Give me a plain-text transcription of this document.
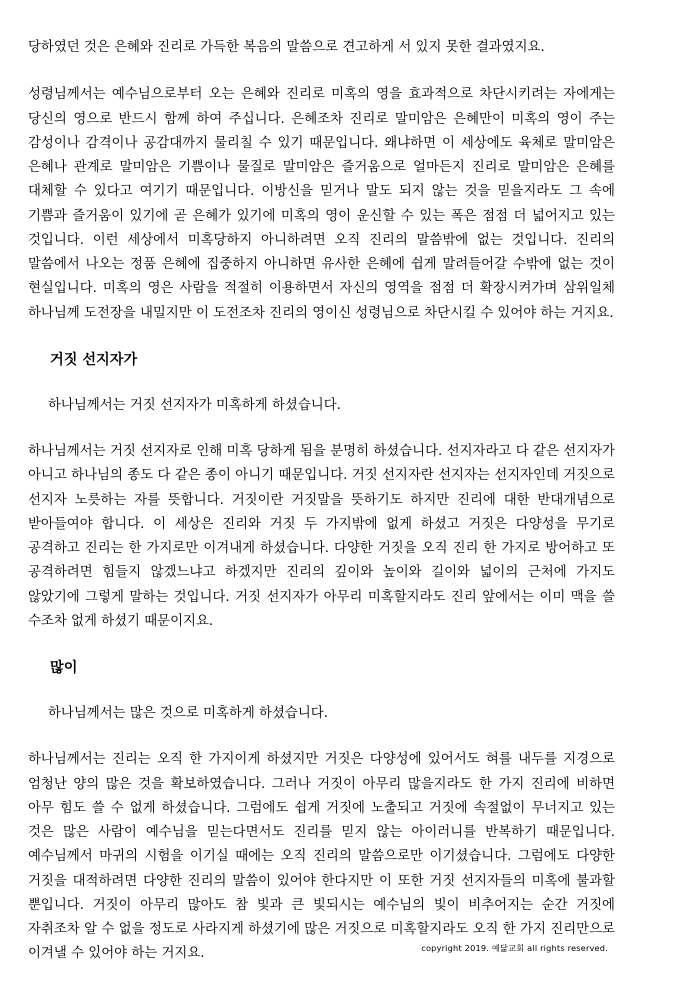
당하였던 것은 은혜와 진리로 가득한 복음의 말씀으로 견고하게 서 있지 못한 결과였지요.

성령님께서는 예수님으로부터 오는 은혜와 진리로 미혹의 영을 효과적으로 차단시키려는 자에게는 당신의 영으로 반드시 함께 하여 주십니다. 은혜조차 진리로 말미암은 은혜만이 미혹의 영이 주는 감성이나 감격이나 공감대까지 물리칠 수 있기 때문입니다. 왜냐하면 이 세상에도 육체로 말미암은 은혜나 관계로 말미암은 기쁨이나 물질로 말미암은 즐거움으로 얼마든지 진리로 말미암은 은혜를 대체할 수 있다고 여기기 때문입니다. 이방신을 믿거나 말도 되지 않는 것을 믿을지라도 그 속에 기쁨과 즐거움이 있기에 곧 은혜가 있기에 미혹의 영이 운신할 수 있는 폭은 점점 더 넓어지고 있는 것입니다. 이런 세상에서 미혹당하지 아니하려면 오직 진리의 말씀밖에 없는 것입니다. 진리의 말씀에서 나오는 정품 은혜에 집중하지 아니하면 유사한 은혜에 쉽게 말려들어갈 수밖에 없는 것이 현실입니다. 미혹의 영은 사람을 적절히 이용하면서 자신의 영역을 점점 더 확장시켜가며 삼위일체 하나님께 도전장을 내밀지만 이 도전조차 진리의 영이신 성령님으로 차단시킬 수 있어야 하는 거지요.

거짓 선지자가

하나님께서는 거짓 선지자가 미혹하게 하셨습니다.

하나님께서는 거짓 선지자로 인해 미혹 당하게 됨을 분명히 하셨습니다. 선지자라고 다 같은 선지자가 아니고 하나님의 종도 다 같은 종이 아니기 때문입니다. 거짓 선지자란 선지자는 선지자인데 거짓으로 선지자 노릇하는 자를 뜻합니다. 거짓이란 거짓말을 뜻하기도 하지만 진리에 대한 반대개념으로 받아들여야 합니다. 이 세상은 진리와 거짓 두 가지밖에 없게 하셨고 거짓은 다양성을 무기로 공격하고 진리는 한 가지로만 이겨내게 하셨습니다. 다양한 거짓을 오직 진리 한 가지로 방어하고 또 공격하려면 힘들지 않겠느냐고 하겠지만 진리의 깊이와 높이와 길이와 넓이의 근처에 가지도 않았기에 그렇게 말하는 것입니다. 거짓 선지자가 아무리 미혹할지라도 진리 앞에서는 이미 맥을 쓸 수조차 없게 하셨기 때문이지요.

많이

하나님께서는 많은 것으로 미혹하게 하셨습니다.

하나님께서는 진리는 오직 한 가지이게 하셨지만 거짓은 다양성에 있어서도 혀를 내두를 지경으로 엄청난 양의 많은 것을 확보하였습니다. 그러나 거짓이 아무리 많을지라도 한 가지 진리에 비하면 아무 힘도 쓸 수 없게 하셨습니다. 그럼에도 쉽게 거짓에 노출되고 거짓에 속절없이 무너지고 있는 것은 많은 사람이 예수님을 믿는다면서도 진리를 믿지 않는 아이러니를 반복하기 때문입니다. 예수님께서 마귀의 시험을 이기실 때에는 오직 진리의 말씀으로만 이기셨습니다. 그럼에도 다양한 거짓을 대적하려면 다양한 진리의 말씀이 있어야 한다지만 이 또한 거짓 선지자들의 미혹에 불과할 뿐입니다. 거짓이 아무리 많아도 참 빛과 큰 빛되시는 예수님의 빛이 비추어지는 순간 거짓에 자취조차 알 수 없을 정도로 사라지게 하셨기에 많은 거짓으로 미혹할지라도 오직 한 가지 진리만으로 이겨낼 수 있어야 하는 거지요.	copyright 2019. 예닮교회 all rights reserved.
